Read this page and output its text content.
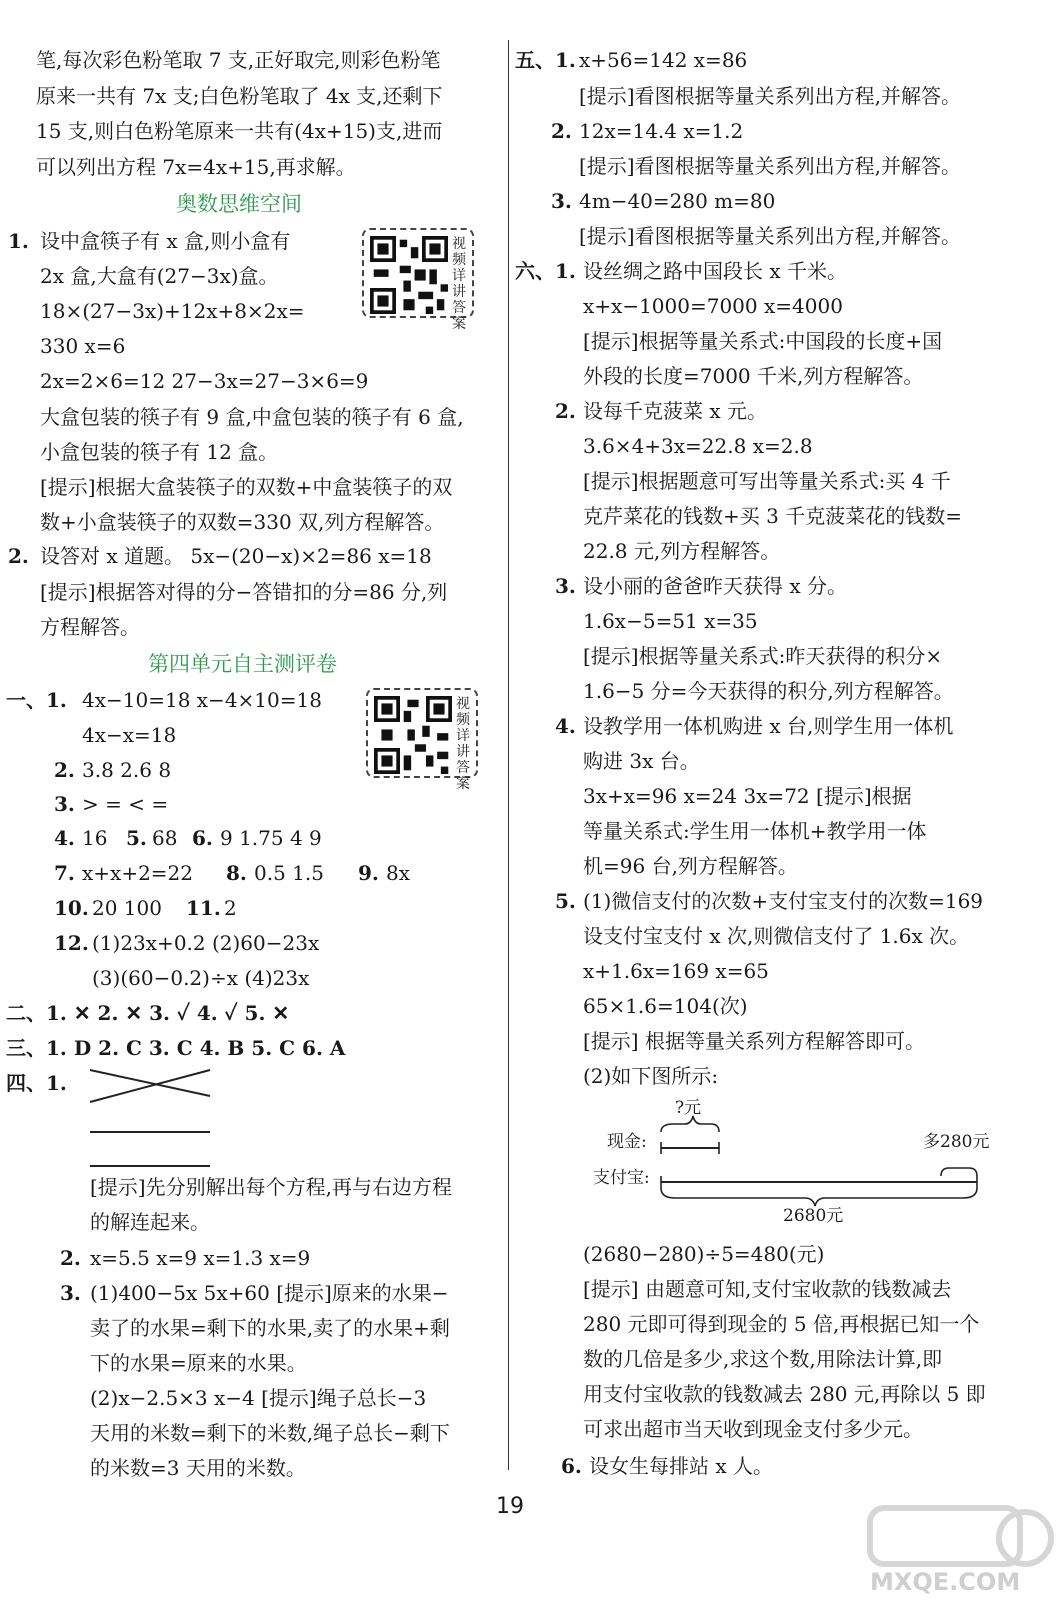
笔,每次彩色粉笔取 7 支,正好取完,则彩色粉笔
原来一共有 7x 支;白色粉笔取了 4x 支,还剩下
15 支,则白色粉笔原来一共有(4x+15)支,进而
可以列出方程 7x=4x+15,再求解。
奥数思维空间
1. 设中盒筷子有 x 盒,则小盒有
2x 盒,大盒有(27−3x)盒。
18×(27−3x)+12x+8×2x=
330 x=6
2x=2×6=12 27−3x=27−3×6=9
大盒包装的筷子有 9 盒,中盒包装的筷子有 6 盒,
小盒包装的筷子有 12 盒。
[提示]根据大盒装筷子的双数+中盒装筷子的双
数+小盒装筷子的双数=330 双,列方程解答。
2. 设答对 x 道题。 5x−(20−x)×2=86 x=18
[提示]根据答对得的分−答错扣的分=86 分,列
方程解答。
第四单元自主测评卷
一、1. 4x−10=18 x−4×10=18
4x−x=18
2. 3.8 2.6 8
3. > = < =
4. 16 5. 68 6. 9 1.75 4 9
7. x+x+2=22 8. 0.5 1.5 9. 8x
10. 20 100 11. 2
12. (1)23x+0.2 (2)60−23x
(3)(60−0.2)÷x (4)23x
二、1. ✕ 2. ✕ 3. ✓ 4. ✓ 5. ✕
三、1. D 2. C 3. C 4. B 5. C 6. A
四、1.
[提示]先分别解出每个方程,再与右边方程
的解连起来。
2. x=5.5 x=9 x=1.3 x=9
3. (1)400−5x 5x+60 [提示]原来的水果−
卖了的水果=剩下的水果,卖了的水果+剩
下的水果=原来的水果。
(2)x−2.5×3 x−4 [提示]绳子总长−3
天用的米数=剩下的米数,绳子总长−剩下
的米数=3 天用的米数。
视频详讲答案
视频详讲答案
五、1. x+56=142 x=86
[提示]看图根据等量关系列出方程,并解答。
2. 12x=14.4 x=1.2
[提示]看图根据等量关系列出方程,并解答。
3. 4m−40=280 m=80
[提示]看图根据等量关系列出方程,并解答。
六、1. 设丝绸之路中国段长 x 千米。
x+x−1000=7000 x=4000
[提示]根据等量关系式:中国段的长度+国
外段的长度=7000 千米,列方程解答。
2. 设每千克菠菜 x 元。
3.6×4+3x=22.8 x=2.8
[提示]根据题意可写出等量关系式:买 4 千
克芹菜花的钱数+买 3 千克菠菜花的钱数=
22.8 元,列方程解答。
3. 设小丽的爸爸昨天获得 x 分。
1.6x−5=51 x=35
[提示]根据等量关系式:昨天获得的积分×
1.6−5 分=今天获得的积分,列方程解答。
4. 设教学用一体机购进 x 台,则学生用一体机
购进 3x 台。
3x+x=96 x=24 3x=72 [提示]根据
等量关系式:学生用一体机+教学用一体
机=96 台,列方程解答。
5. (1)微信支付的次数+支付宝支付的次数=169
设支付宝支付 x 次,则微信支付了 1.6x 次。
x+1.6x=169 x=65
65×1.6=104(次)
[提示] 根据等量关系列方程解答即可。
(2)如下图所示:
?元
现金:	多280元
支付宝:
2680元
(2680−280)÷5=480(元)
[提示] 由题意可知,支付宝收款的钱数减去
280 元即可得到现金的 5 倍,再根据已知一个
数的几倍是多少,求这个数,用除法计算,即
用支付宝收款的钱数减去 280 元,再除以 5 即
可求出超市当天收到现金支付多少元。
6. 设女生每排站 x 人。
19
MXQE.COM
